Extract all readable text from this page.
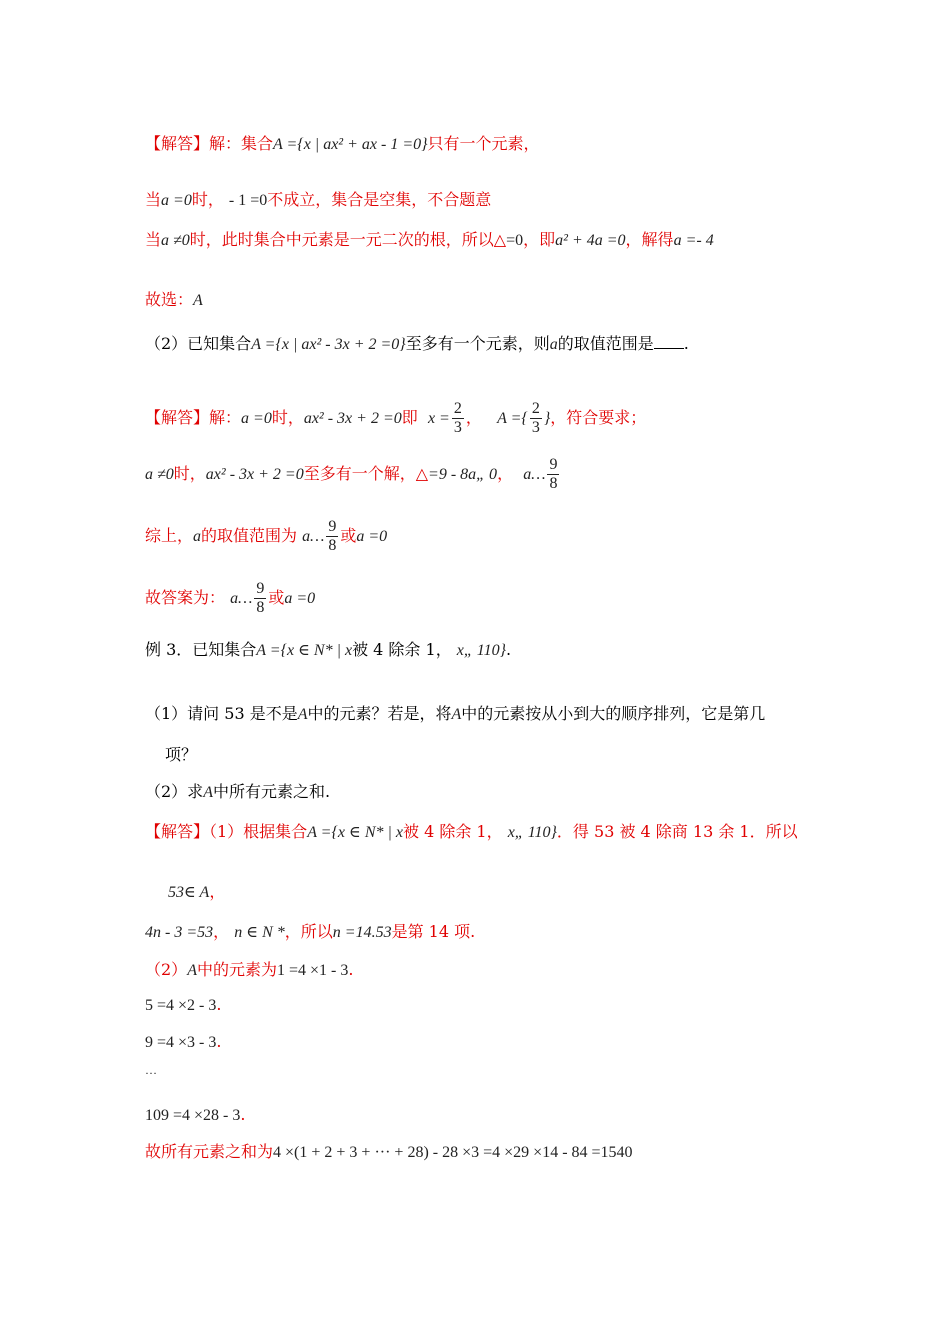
【解答】解：集合A ={x | ax² + ax - 1 =0}只有一个元素，
当a =0时， - 1 =0不成立，集合是空集，不合题意
当a ≠0时，此时集合中元素是一元二次的根，所以△=0，即a² + 4a =0，解得a =- 4
故选：A
（2）已知集合A ={x | ax² - 3x + 2 =0}至多有一个元素，则a的取值范围是 .
【解答】解：a =0时，ax² - 3x + 2 =0即 $x = \frac{2}{3}$ ， A ={ $\frac{2}{3}$ }，符合要求；
a ≠0时，ax² - 3x + 2 =0至多有一个解，△=9 - 8a„ 0， a… $\frac{9}{8}$
综上，a的取值范围为 a… $\frac{9}{8}$ 或a =0
故答案为： a… $\frac{9}{8}$ 或a =0
例 3．已知集合A ={x ∈ N* | x被 4 除余 1， x„ 110}.
（1）请问 53 是不是A中的元素？若是，将A中的元素按从小到大的顺序排列，它是第几
项？
（2）求A中所有元素之和.
【解答】（1）根据集合A ={x ∈ N* | x被 4 除余 1， x„ 110}．得 53 被 4 除商 13 余 1．所以
53∈ A，
4n - 3 =53， n ∈ N *，所以n =14.53是第 14 项.
（2）A中的元素为1 =4 ×1 - 3.
5 =4 ×2 - 3.
9 =4 ×3 - 3.
…
109 =4 ×28 - 3.
故所有元素之和为4 ×(1 + 2 + 3 + ··· + 28) - 28 ×3 =4 ×29 ×14 - 84 =1540
